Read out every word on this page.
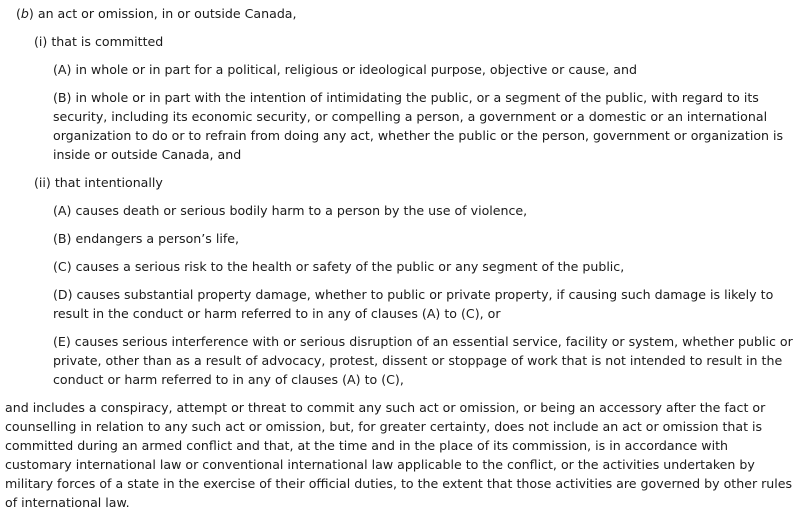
(b) an act or omission, in or outside Canada,

(i) that is committed

(A) in whole or in part for a political, religious or ideological purpose, objective or cause, and

(B) in whole or in part with the intention of intimidating the public, or a segment of the public, with regard to its security, including its economic security, or compelling a person, a government or a domestic or an international organization to do or to refrain from doing any act, whether the public or the person, government or organization is inside or outside Canada, and

(ii) that intentionally

(A) causes death or serious bodily harm to a person by the use of violence,

(B) endangers a person’s life,

(C) causes a serious risk to the health or safety of the public or any segment of the public,

(D) causes substantial property damage, whether to public or private property, if causing such damage is likely to result in the conduct or harm referred to in any of clauses (A) to (C), or

(E) causes serious interference with or serious disruption of an essential service, facility or system, whether public or private, other than as a result of advocacy, protest, dissent or stoppage of work that is not intended to result in the conduct or harm referred to in any of clauses (A) to (C),

and includes a conspiracy, attempt or threat to commit any such act or omission, or being an accessory after the fact or counselling in relation to any such act or omission, but, for greater certainty, does not include an act or omission that is committed during an armed conflict and that, at the time and in the place of its commission, is in accordance with customary international law or conventional international law applicable to the conflict, or the activities undertaken by military forces of a state in the exercise of their official duties, to the extent that those activities are governed by other rules of international law.
